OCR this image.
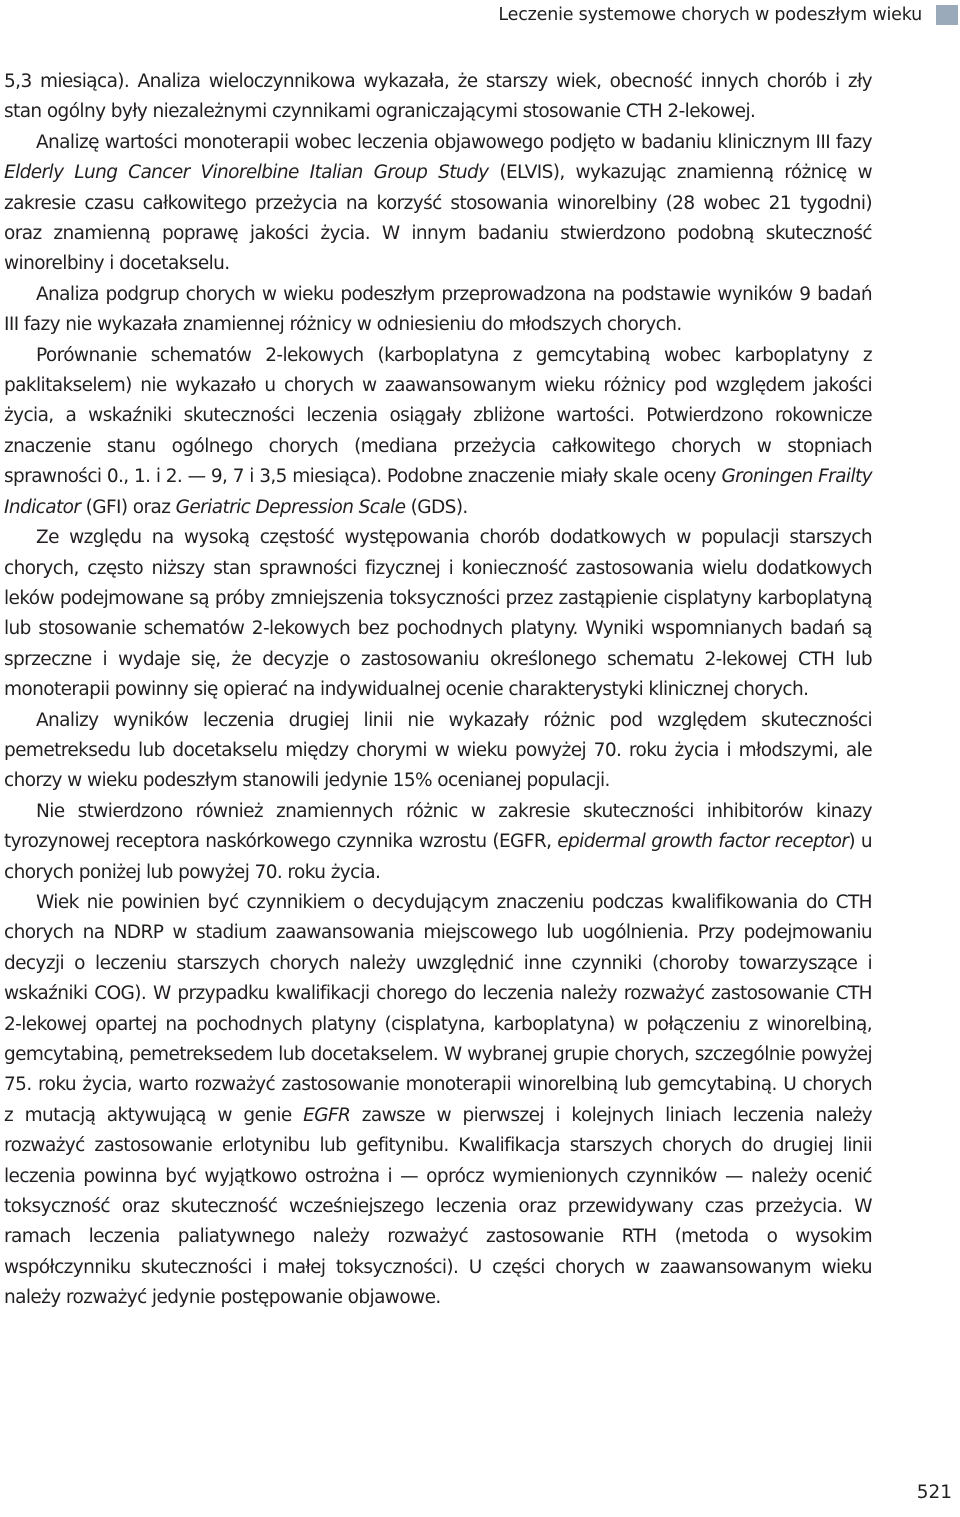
Leczenie systemowe chorych w podeszłym wieku

5,3 miesiąca). Analiza wieloczynnikowa wykazała, że starszy wiek, obecność innych chorób i zły stan ogólny były niezależnymi czynnikami ograniczającymi stosowanie CTH 2-lekowej.

Analizę wartości monoterapii wobec leczenia objawowego podjęto w badaniu klinicznym III fazy Elderly Lung Cancer Vinorelbine Italian Group Study (ELVIS), wykazując znamienną różnicę w zakresie czasu całkowitego przeżycia na korzyść stosowania winorelbiny (28 wobec 21 tygodni) oraz znamienną poprawę jakości życia. W innym badaniu stwierdzono podobną skuteczność winorelbiny i docetakselu.

Analiza podgrup chorych w wieku podeszłym przeprowadzona na podstawie wyników 9 badań III fazy nie wykazała znamiennej różnicy w odniesieniu do młodszych chorych.

Porównanie schematów 2-lekowych (karboplatyna z gemcytabiną wobec karboplatyny z paklitakselem) nie wykazało u chorych w zaawansowanym wieku różnicy pod względem jakości życia, a wskaźniki skuteczności leczenia osiągały zbliżone wartości. Potwierdzono rokownicze znaczenie stanu ogólnego chorych (mediana przeżycia całkowitego chorych w stopniach sprawności 0., 1. i 2. — 9, 7 i 3,5 miesiąca). Podobne znaczenie miały skale oceny Groningen Frailty Indicator (GFI) oraz Geriatric Depression Scale (GDS).

Ze względu na wysoką częstość występowania chorób dodatkowych w populacji starszych chorych, często niższy stan sprawności fizycznej i konieczność zastosowania wielu dodatkowych leków podejmowane są próby zmniejszenia toksyczności przez zastąpienie cisplatyny karboplatyną lub stosowanie schematów 2-lekowych bez pochodnych platyny. Wyniki wspomnianych badań są sprzeczne i wydaje się, że decyzje o zastosowaniu określonego schematu 2-lekowej CTH lub monoterapii powinny się opierać na indywidualnej ocenie charakterystyki klinicznej chorych.

Analizy wyników leczenia drugiej linii nie wykazały różnic pod względem skuteczności pemetreksedu lub docetakselu między chorymi w wieku powyżej 70. roku życia i młodszymi, ale chorzy w wieku podeszłym stanowili jedynie 15% ocenianej populacji.

Nie stwierdzono również znamiennych różnic w zakresie skuteczności inhibitorów kinazy tyrozynowej receptora naskórkowego czynnika wzrostu (EGFR, epidermal growth factor receptor) u chorych poniżej lub powyżej 70. roku życia.

Wiek nie powinien być czynnikiem o decydującym znaczeniu podczas kwalifikowania do CTH chorych na NDRP w stadium zaawansowania miejscowego lub uogólnienia. Przy podejmowaniu decyzji o leczeniu starszych chorych należy uwzględnić inne czynniki (choroby towarzyszące i wskaźniki COG). W przypadku kwalifikacji chorego do leczenia należy rozważyć zastosowanie CTH 2-lekowej opartej na pochodnych platyny (cisplatyna, karboplatyna) w połączeniu z winorelbiną, gemcytabiną, pemetreksedem lub docetakselem. W wybranej grupie chorych, szczególnie powyżej 75. roku życia, warto rozważyć zastosowanie monoterapii winorelbiną lub gemcytabiną. U chorych z mutacją aktywującą w genie EGFR zawsze w pierwszej i kolejnych liniach leczenia należy rozważyć zastosowanie erlotynibu lub gefitynibu. Kwalifikacja starszych chorych do drugiej linii leczenia powinna być wyjątkowo ostrożna i — oprócz wymienionych czynników — należy ocenić toksyczność oraz skuteczność wcześniejszego leczenia oraz przewidywany czas przeżycia. W ramach leczenia paliatywnego należy rozważyć zastosowanie RTH (metoda o wysokim współczynniku skuteczności i małej toksyczności). U części chorych w zaawansowanym wieku należy rozważyć jedynie postępowanie objawowe.

521
